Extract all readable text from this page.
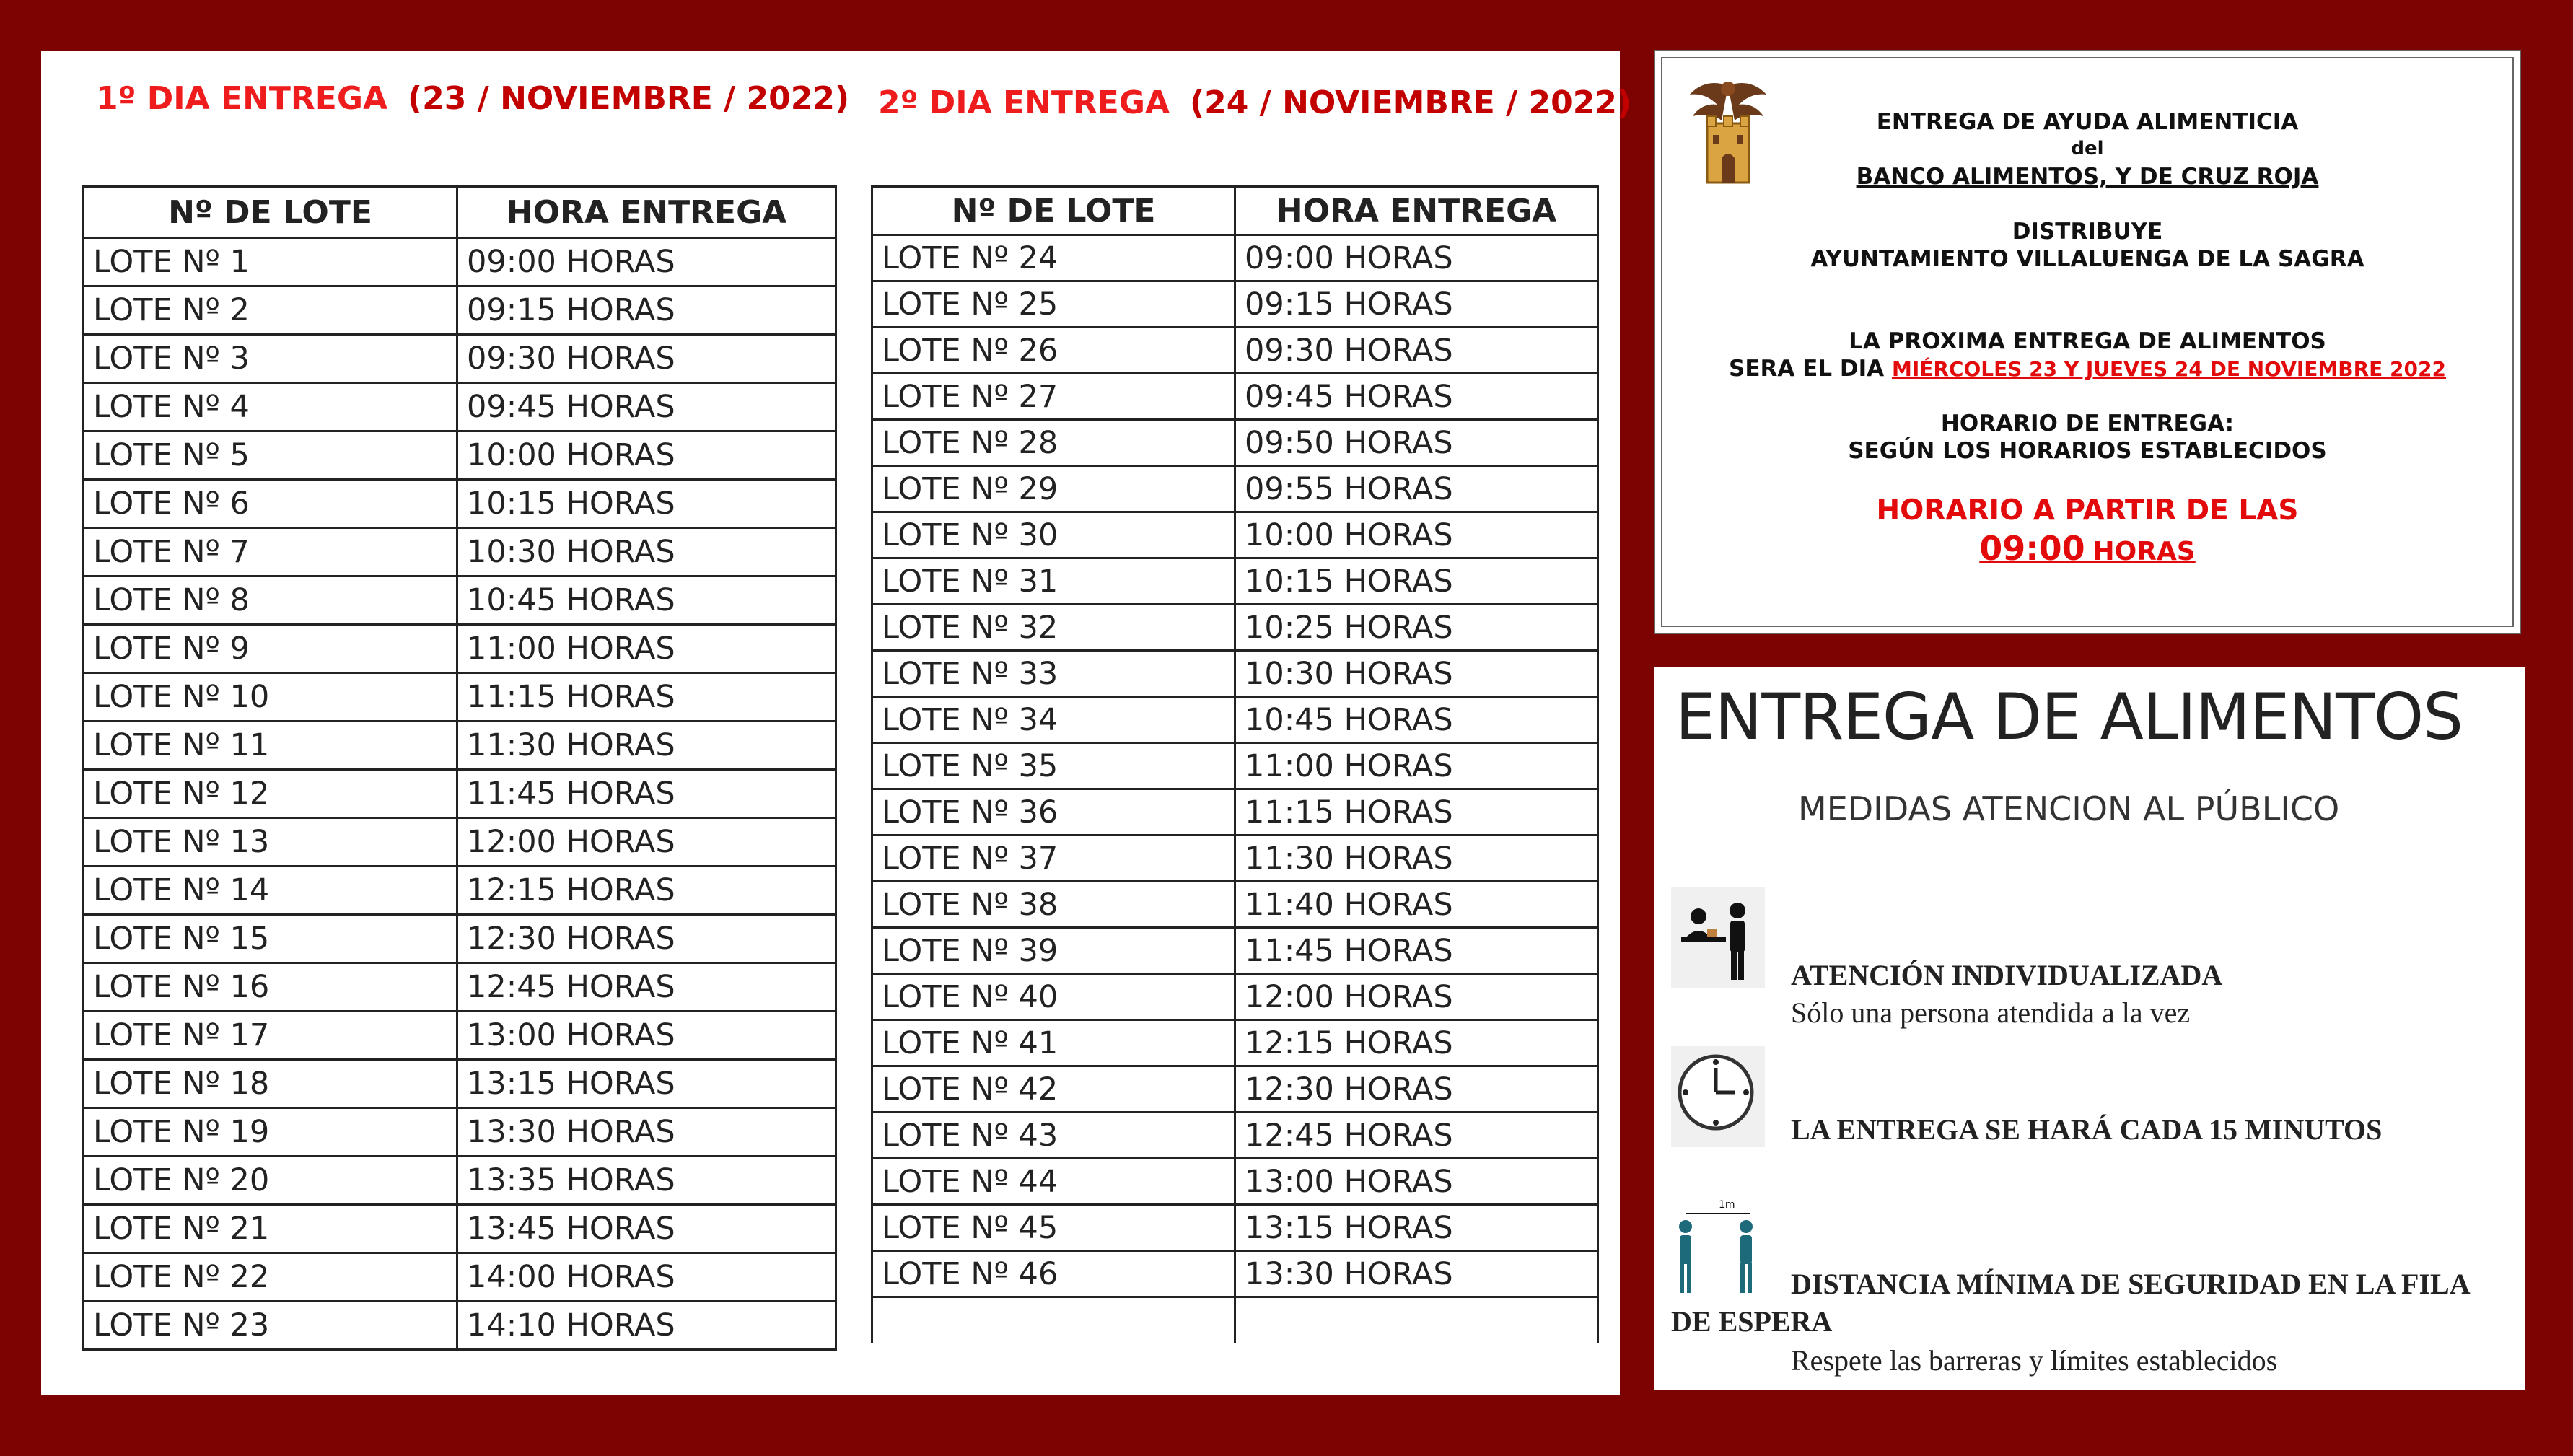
1º DIA ENTREGA (23 / NOVIEMBRE / 2022) 2º DIA ENTREGA (24 / NOVIEMBRE / 2022)
Nº DE LOTE	HORA ENTREGA
LOTE Nº 1	09:00 HORAS
LOTE Nº 2	09:15 HORAS
LOTE Nº 3	09:30 HORAS
LOTE Nº 4	09:45 HORAS
LOTE Nº 5	10:00 HORAS
LOTE Nº 6	10:15 HORAS
LOTE Nº 7	10:30 HORAS
LOTE Nº 8	10:45 HORAS
LOTE Nº 9	11:00 HORAS
LOTE Nº 10	11:15 HORAS
LOTE Nº 11	11:30 HORAS
LOTE Nº 12	11:45 HORAS
LOTE Nº 13	12:00 HORAS
LOTE Nº 14	12:15 HORAS
LOTE Nº 15	12:30 HORAS
LOTE Nº 16	12:45 HORAS
LOTE Nº 17	13:00 HORAS
LOTE Nº 18	13:15 HORAS
LOTE Nº 19	13:30 HORAS
LOTE Nº 20	13:35 HORAS
LOTE Nº 21	13:45 HORAS
LOTE Nº 22	14:00 HORAS
LOTE Nº 23	14:10 HORAS
Nº DE LOTE	HORA ENTREGA
LOTE Nº 24	09:00 HORAS
LOTE Nº 25	09:15 HORAS
LOTE Nº 26	09:30 HORAS
LOTE Nº 27	09:45 HORAS
LOTE Nº 28	09:50 HORAS
LOTE Nº 29	09:55 HORAS
LOTE Nº 30	10:00 HORAS
LOTE Nº 31	10:15 HORAS
LOTE Nº 32	10:25 HORAS
LOTE Nº 33	10:30 HORAS
LOTE Nº 34	10:45 HORAS
LOTE Nº 35	11:00 HORAS
LOTE Nº 36	11:15 HORAS
LOTE Nº 37	11:30 HORAS
LOTE Nº 38	11:40 HORAS
LOTE Nº 39	11:45 HORAS
LOTE Nº 40	12:00 HORAS
LOTE Nº 41	12:15 HORAS
LOTE Nº 42	12:30 HORAS
LOTE Nº 43	12:45 HORAS
LOTE Nº 44	13:00 HORAS
LOTE Nº 45	13:15 HORAS
LOTE Nº 46	13:30 HORAS

ENTREGA DE AYUDA ALIMENTICIA
del
BANCO ALIMENTOS, Y DE CRUZ ROJA
DISTRIBUYE
AYUNTAMIENTO VILLALUENGA DE LA SAGRA
LA PROXIMA ENTREGA DE ALIMENTOS
SERA EL DIA MIÉRCOLES 23 Y JUEVES 24 DE NOVIEMBRE 2022
HORARIO DE ENTREGA:
SEGÚN LOS HORARIOS ESTABLECIDOS
HORARIO A PARTIR DE LAS
09:00 HORAS
ENTREGA DE ALIMENTOS
MEDIDAS ATENCION AL PÚBLICO
ATENCIÓN INDIVIDUALIZADA
Sólo una persona atendida a la vez
LA ENTREGA SE HARÁ CADA 15 MINUTOS
1m
DISTANCIA MÍNIMA DE SEGURIDAD EN LA FILA
DE ESPERA
Respete las barreras y límites establecidos
